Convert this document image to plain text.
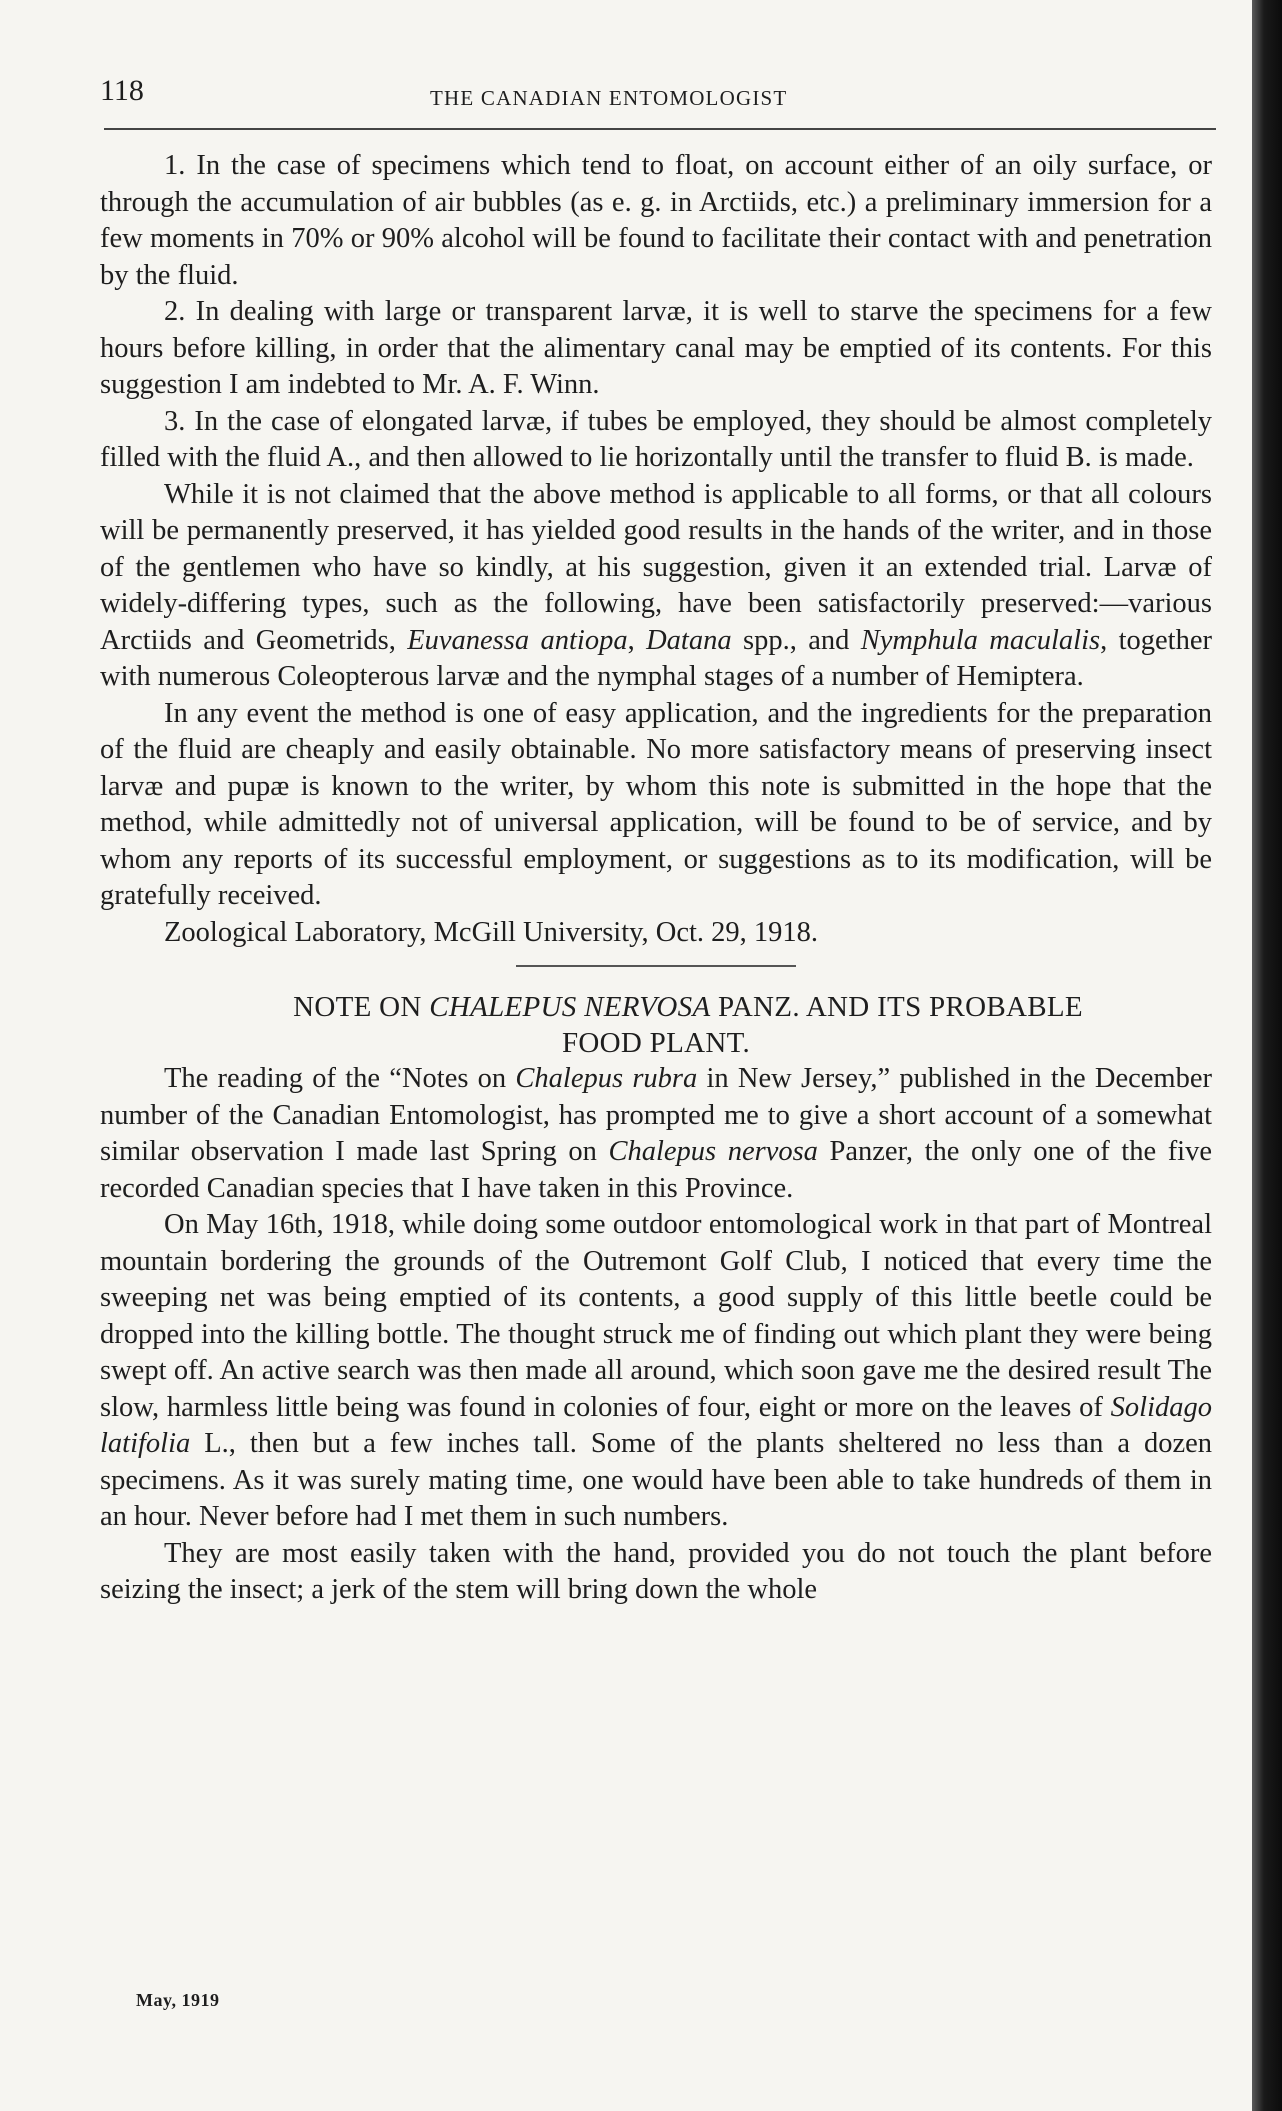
118	THE CANADIAN ENTOMOLOGIST

1. In the case of specimens which tend to float, on account either of an oily surface, or through the accumulation of air bubbles (as e. g. in Arctiids, etc.) a preliminary immersion for a few moments in 70% or 90% alcohol will be found to facilitate their contact with and penetration by the fluid.

2. In dealing with large or transparent larvæ, it is well to starve the specimens for a few hours before killing, in order that the alimentary canal may be emptied of its contents. For this suggestion I am indebted to Mr. A. F. Winn.

3. In the case of elongated larvæ, if tubes be employed, they should be almost completely filled with the fluid A., and then allowed to lie horizontally until the transfer to fluid B. is made.

While it is not claimed that the above method is applicable to all forms, or that all colours will be permanently preserved, it has yielded good results in the hands of the writer, and in those of the gentlemen who have so kindly, at his suggestion, given it an extended trial. Larvæ of widely-differing types, such as the following, have been satisfactorily preserved:—various Arctiids and Geometrids, Euvanessa antiopa, Datana spp., and Nymphula maculalis, together with numerous Coleopterous larvæ and the nymphal stages of a number of Hemiptera.

In any event the method is one of easy application, and the ingredients for the preparation of the fluid are cheaply and easily obtainable. No more satisfactory means of preserving insect larvæ and pupæ is known to the writer, by whom this note is submitted in the hope that the method, while admittedly not of universal application, will be found to be of service, and by whom any reports of its successful employment, or suggestions as to its modification, will be gratefully received.

Zoological Laboratory, McGill University, Oct. 29, 1918.

NOTE ON CHALEPUS NERVOSA PANZ. AND ITS PROBABLE
FOOD PLANT.

The reading of the “Notes on Chalepus rubra in New Jersey,” published in the December number of the Canadian Entomologist, has prompted me to give a short account of a somewhat similar observation I made last Spring on Chalepus nervosa Panzer, the only one of the five recorded Canadian species that I have taken in this Province.

On May 16th, 1918, while doing some outdoor entomological work in that part of Montreal mountain bordering the grounds of the Outremont Golf Club, I noticed that every time the sweeping net was being emptied of its contents, a good supply of this little beetle could be dropped into the killing bottle. The thought struck me of finding out which plant they were being swept off. An active search was then made all around, which soon gave me the desired result The slow, harmless little being was found in colonies of four, eight or more on the leaves of Solidago latifolia L., then but a few inches tall. Some of the plants sheltered no less than a dozen specimens. As it was surely mating time, one would have been able to take hundreds of them in an hour. Never before had I met them in such numbers.

They are most easily taken with the hand, provided you do not touch the plant before seizing the insect; a jerk of the stem will bring down the whole

May, 1919
